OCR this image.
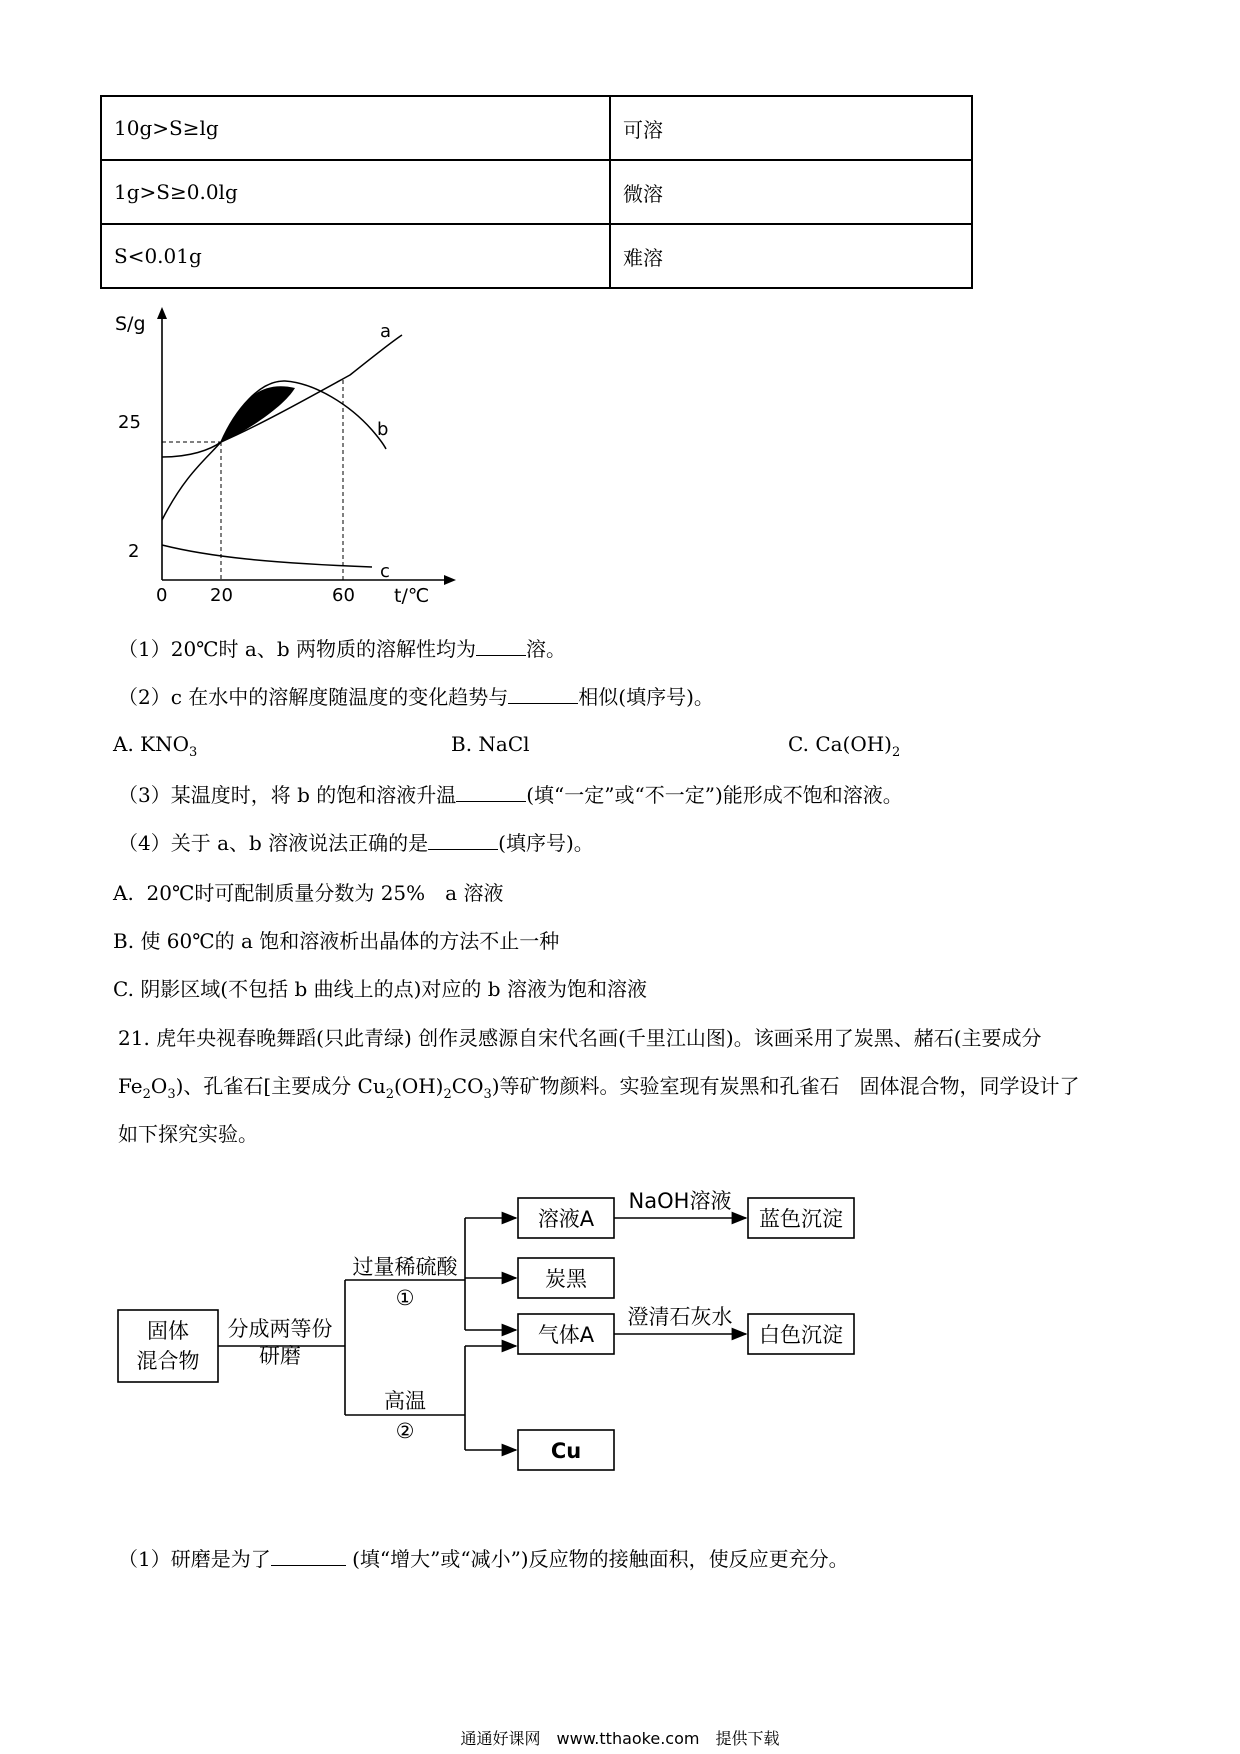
10g>S≥lg	可溶
1g>S≥0.0lg	微溶
S<0.01g	难溶
S/g
25
2
0 20	60 t/℃
a
b
c
（1）20℃时 a、b 两物质的溶解性均为	溶。
（2）c 在水中的溶解度随温度的变化趋势与	相似(填序号)。
A. $KNO_3$	B. NaCl	C. $Ca(OH)_2$
（3）某温度时，将 b 的饱和溶液升温	(填“一定”或“不一定”)能形成不饱和溶液。
（4）关于 a、b 溶液说法正确的是	(填序号)。
A. 20℃时可配制质量分数为 25%　a 溶液
B. 使 60℃的 a 饱和溶液析出晶体的方法不止一种
C. 阴影区域(不包括 b 曲线上的点)对应的 b 溶液为饱和溶液
21. 虎年央视春晚舞蹈(只此青绿) 创作灵感源自宋代名画(千里江山图)。该画采用了炭黑、赭石(主要成分
$Fe_2O_3$)、孔雀石[主要成分 $Cu_2(OH)_2CO_3$)等矿物颜料。实验室现有炭黑和孔雀石　固体混合物，同学设计了
如下探究实验。
固体
混合物
分成两等份
研磨
过量稀硫酸
①
高温
②
溶液A
炭黑
气体A
Cu
NaOH溶液
澄清石灰水
蓝色沉淀
白色沉淀
（1）研磨是为了	(填“增大”或“减小”)反应物的接触面积，使反应更充分。
通通好课网　www.tthaoke.com　提供下载
